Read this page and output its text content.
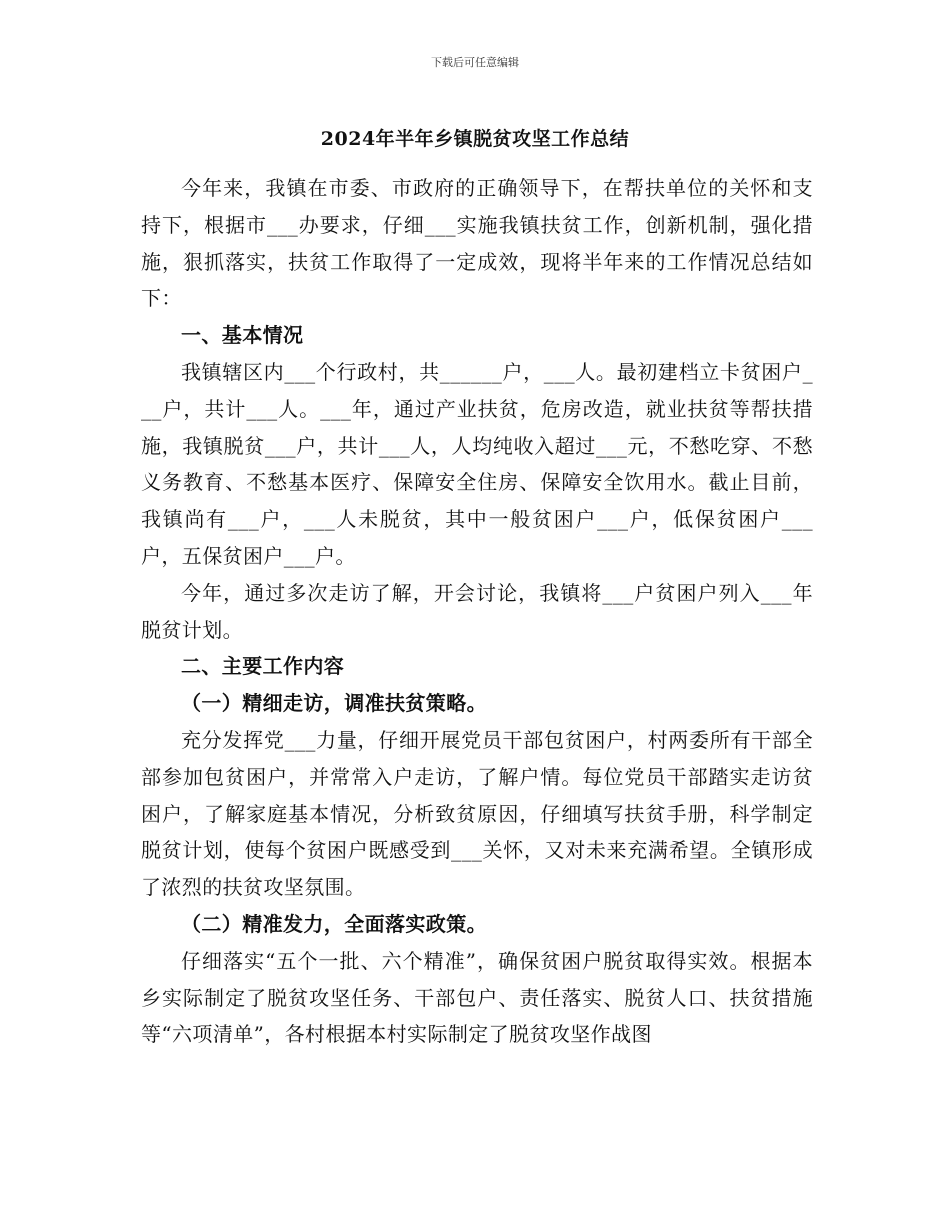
下载后可任意编辑
2024年半年乡镇脱贫攻坚工作总结

今年来，我镇在市委、市政府的正确领导下，在帮扶单位的关怀和支持下，根据市___办要求，仔细___实施我镇扶贫工作，创新机制，强化措施，狠抓落实，扶贫工作取得了一定成效，现将半年来的工作情况总结如下：

一、基本情况

我镇辖区内___个行政村，共______户，___人。最初建档立卡贫困户___户，共计___人。___年，通过产业扶贫，危房改造，就业扶贫等帮扶措施，我镇脱贫___户，共计___人，人均纯收入超过___元，不愁吃穿、不愁义务教育、不愁基本医疗、保障安全住房、保障安全饮用水。截止目前，我镇尚有___户，___人未脱贫，其中一般贫困户___户，低保贫困户___户，五保贫困户___户。

今年，通过多次走访了解，开会讨论，我镇将___户贫困户列入___年脱贫计划。

二、主要工作内容

（一）精细走访，调准扶贫策略。

充分发挥党___力量，仔细开展党员干部包贫困户，村两委所有干部全部参加包贫困户，并常常入户走访，了解户情。每位党员干部踏实走访贫困户，了解家庭基本情况，分析致贫原因，仔细填写扶贫手册，科学制定脱贫计划，使每个贫困户既感受到___关怀，又对未来充满希望。全镇形成了浓烈的扶贫攻坚氛围。

（二）精准发力，全面落实政策。

仔细落实“五个一批、六个精准”，确保贫困户脱贫取得实效。根据本乡实际制定了脱贫攻坚任务、干部包户、责任落实、脱贫人口、扶贫措施等“六项清单”，各村根据本村实际制定了脱贫攻坚作战图
